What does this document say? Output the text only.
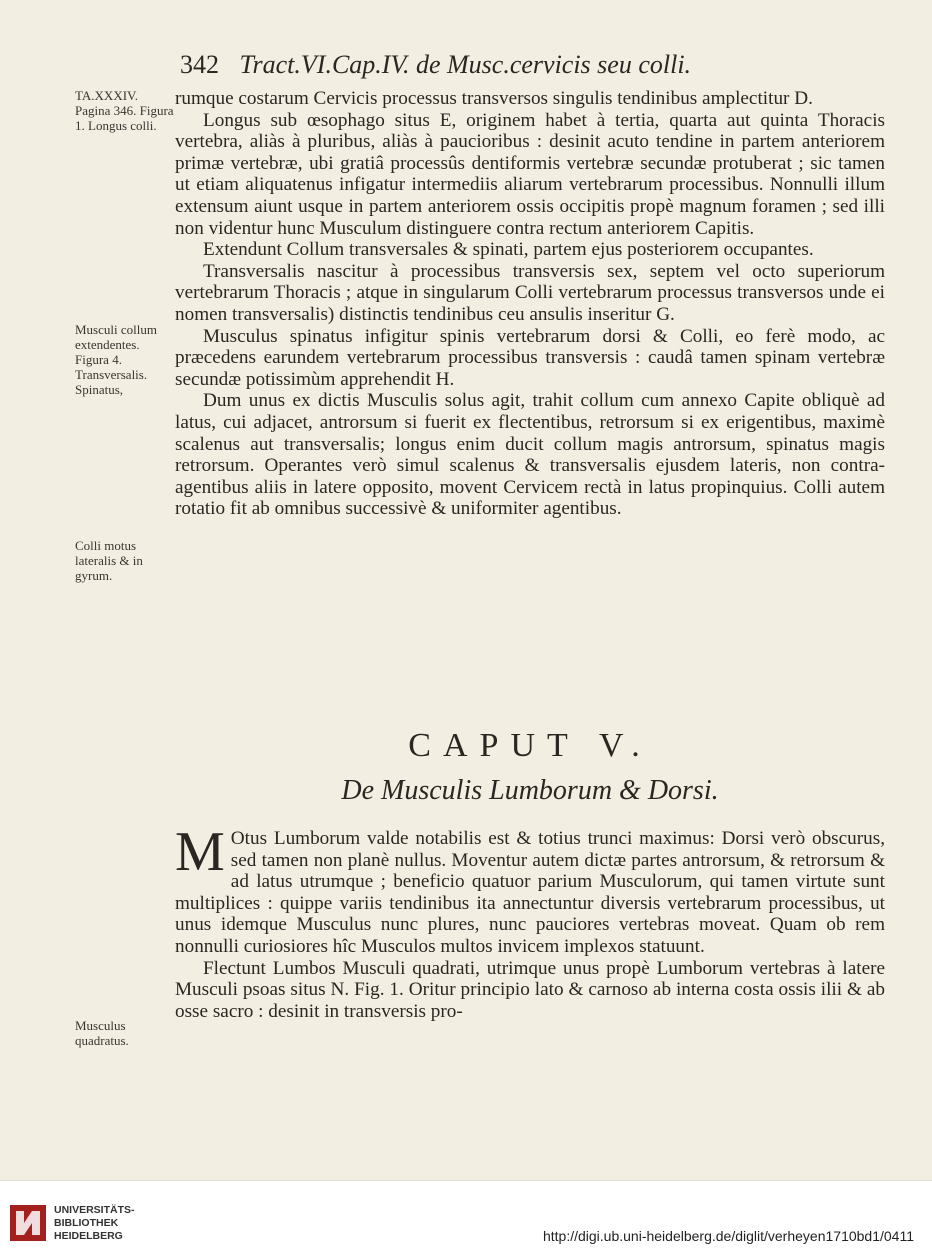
342 Tract.VI.Cap.IV. de Musc.cervicis seu colli.
TA.XXXIV. Pagina 346. Figura 1. Longus colli.
Musculi collum extendentes. Figura 4. Transversalis. Spinatus,
Colli motus lateralis & in gyrum.
Musculus quadratus.

rumque costarum Cervicis processus transversos singulis tendinibus amplectitur D.

Longus sub œsophago situs E, originem habet à tertia, quarta aut quinta Thoracis vertebra, aliàs à pluribus, aliàs à paucioribus : desinit acuto tendine in partem anteriorem primæ vertebræ, ubi gratiâ processûs dentiformis vertebræ secundæ protuberat ; sic tamen ut etiam aliquatenus infigatur intermediis aliarum vertebrarum processibus. Nonnulli illum extensum aiunt usque in partem anteriorem ossis occipitis propè magnum foramen ; sed illi non videntur hunc Musculum distinguere contra rectum anteriorem Capitis.

Extendunt Collum transversales & spinati, partem ejus posteriorem occupantes.

Transversalis nascitur à processibus transversis sex, septem vel octo superiorum vertebrarum Thoracis ; atque in singularum Colli vertebrarum processus transversos unde ei nomen transversalis) distinctis tendinibus ceu ansulis inseritur G.

Musculus spinatus infigitur spinis vertebrarum dorsi & Colli, eo ferè modo, ac præcedens earundem vertebrarum processibus transversis : caudâ tamen spinam vertebræ secundæ potissimùm apprehendit H.

Dum unus ex dictis Musculis solus agit, trahit collum cum annexo Capite obliquè ad latus, cui adjacet, antrorsum si fuerit ex flectentibus, retrorsum si ex erigentibus, maximè scalenus aut transversalis; longus enim ducit collum magis antrorsum, spinatus magis retrorsum. Operantes verò simul scalenus & transversalis ejusdem lateris, non contra-agentibus aliis in latere opposito, movent Cervicem rectà in latus propinquius. Colli autem rotatio fit ab omnibus successivè & uniformiter agentibus.

CAPUT V.
De Musculis Lumborum & Dorsi.

M Otus Lumborum valde notabilis est & totius trunci maximus: Dorsi verò obscurus, sed tamen non planè nullus. Moventur autem dictæ partes antrorsum, & retrorsum & ad latus utrumque ; beneficio quatuor parium Musculorum, qui tamen virtute sunt multiplices : quippe variis tendinibus ita annectuntur diversis vertebrarum processibus, ut unus idemque Musculus nunc plures, nunc pauciores vertebras moveat. Quam ob rem nonnulli curiosiores hîc Musculos multos invicem implexos statuunt.

Flectunt Lumbos Musculi quadrati, utrimque unus propè Lumborum vertebras à latere Musculi psoas situs N. Fig. 1. Oritur principio lato & carnoso ab interna costa ossis ilii & ab osse sacro : desinit in transversis pro-

UNIVERSITÄTS-
BIBLIOTHEK
HEIDELBERG	http://digi.ub.uni-heidelberg.de/diglit/verheyen1710bd1/0411
